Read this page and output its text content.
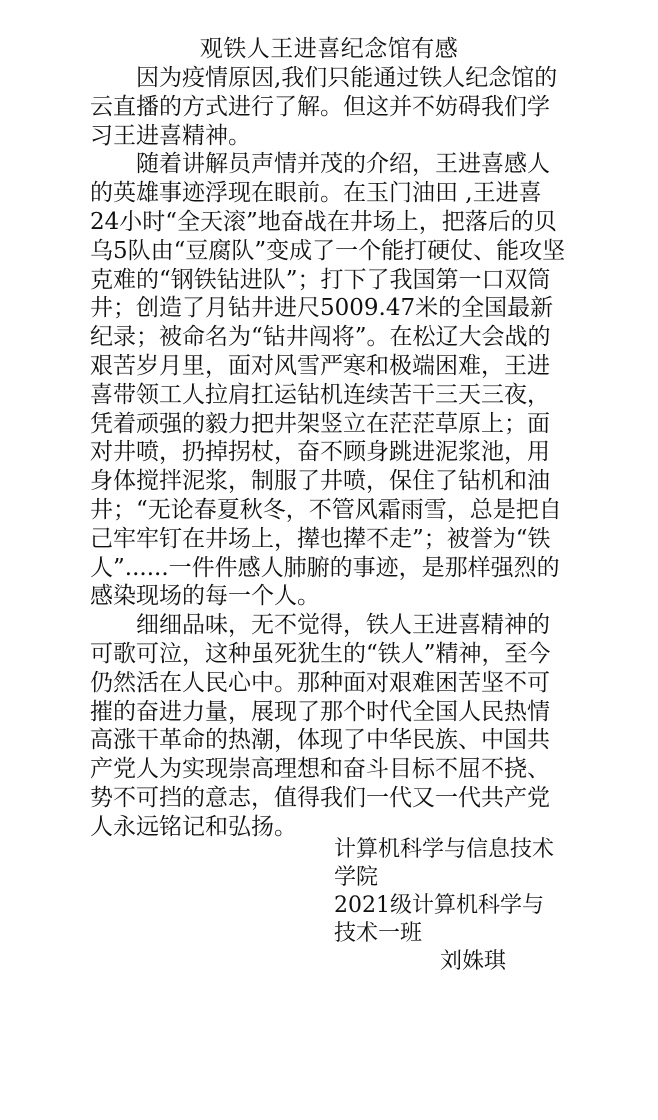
观铁人王进喜纪念馆有感

因为疫情原因,我们只能通过铁人纪念馆的云直播的方式进行了解。但这并不妨碍我们学习王进喜精神。

随着讲解员声情并茂的介绍，王进喜感人的英雄事迹浮现在眼前。在玉门油田 ,王进喜24小时“全天滚”地奋战在井场上，把落后的贝乌5队由“豆腐队”变成了一个能打硬仗、能攻坚克难的“钢铁钻进队”；打下了我国第一口双筒井；创造了月钻井进尺5009.47米的全国最新纪录；被命名为“钻井闯将”。在松辽大会战的艰苦岁月里，面对风雪严寒和极端困难，王进喜带领工人拉肩扛运钻机连续苦干三天三夜，凭着顽强的毅力把井架竖立在茫茫草原上；面对井喷，扔掉拐杖，奋不顾身跳进泥浆池，用身体搅拌泥浆，制服了井喷，保住了钻机和油井；“无论春夏秋冬，不管风霜雨雪，总是把自己牢牢钉在井场上，撵也撵不走”；被誉为“铁人”......一件件感人肺腑的事迹，是那样强烈的感染现场的每一个人。

细细品味，无不觉得，铁人王进喜精神的可歌可泣，这种虽死犹生的“铁人”精神，至今仍然活在人民心中。那种面对艰难困苦坚不可摧的奋进力量，展现了那个时代全国人民热情高涨干革命的热潮，体现了中华民族、中国共产党人为实现崇高理想和奋斗目标不屈不挠、势不可挡的意志，值得我们一代又一代共产党人永远铭记和弘扬。

计算机科学与信息技术学院
2021级计算机科学与技术一班
刘姝琪
